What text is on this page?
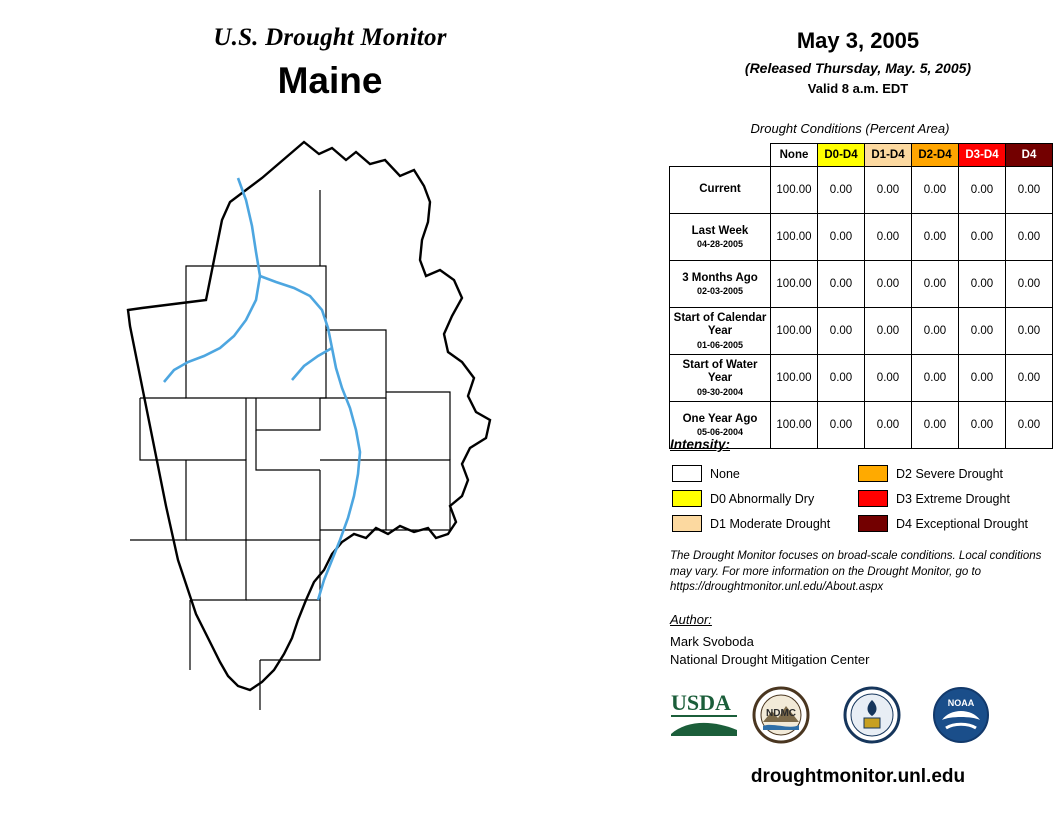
U.S. Drought Monitor
Maine
May 3, 2005
(Released Thursday, May. 5, 2005)
Valid 8 a.m. EDT
Drought Conditions (Percent Area)
	None	D0-D4	D1-D4	D2-D4	D3-D4	D4
Current	100.00	0.00	0.00	0.00	0.00	0.00
Last Week
04-28-2005	100.00	0.00	0.00	0.00	0.00	0.00
3 Months Ago
02-03-2005	100.00	0.00	0.00	0.00	0.00	0.00
Start of Calendar Year
01-06-2005	100.00	0.00	0.00	0.00	0.00	0.00
Start of Water Year
09-30-2004	100.00	0.00	0.00	0.00	0.00	0.00
One Year Ago
05-06-2004	100.00	0.00	0.00	0.00	0.00	0.00
Intensity:
None
D0 Abnormally Dry
D1 Moderate Drought
D2 Severe Drought
D3 Extreme Drought
D4 Exceptional Drought
The Drought Monitor focuses on broad-scale conditions. Local conditions may vary. For more information on the Drought Monitor, go to https://droughtmonitor.unl.edu/About.aspx
Author:
Mark Svoboda
National Drought Mitigation Center
USDA	NDMC
NOAA
droughtmonitor.unl.edu
